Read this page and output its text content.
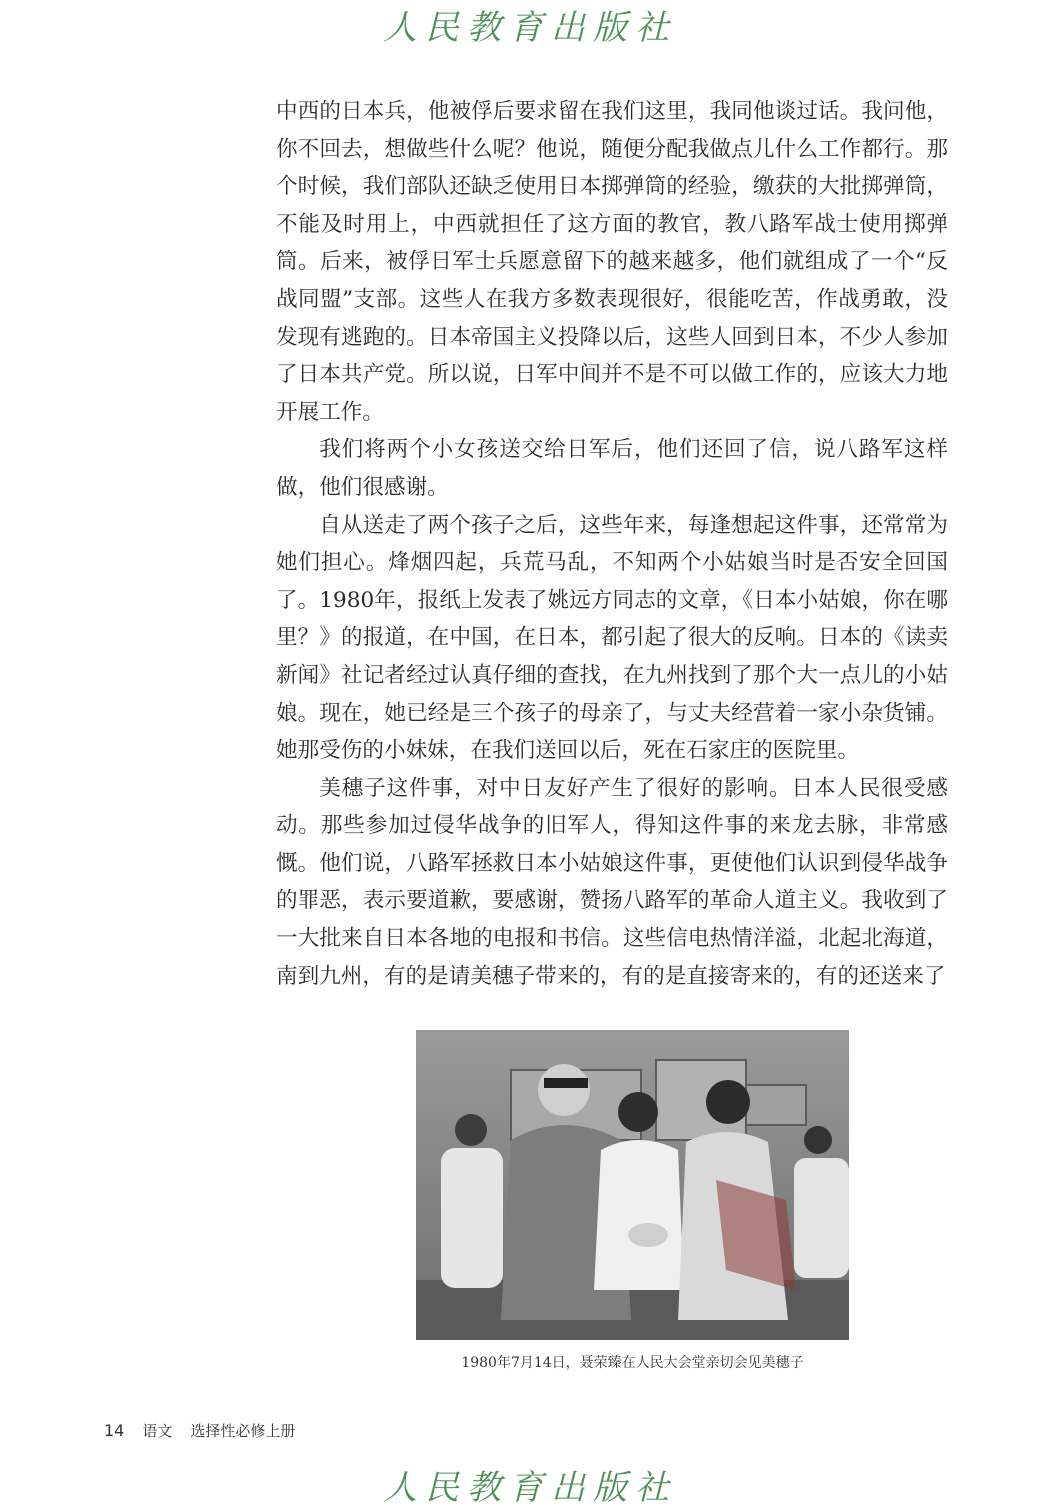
人民教育出版社

中西的日本兵，他被俘后要求留在我们这里，我同他谈过话。我问他，你不回去，想做些什么呢？他说，随便分配我做点儿什么工作都行。那个时候，我们部队还缺乏使用日本掷弹筒的经验，缴获的大批掷弹筒，不能及时用上，中西就担任了这方面的教官，教八路军战士使用掷弹筒。后来，被俘日军士兵愿意留下的越来越多，他们就组成了一个“反战同盟”支部。这些人在我方多数表现很好，很能吃苦，作战勇敢，没发现有逃跑的。日本帝国主义投降以后，这些人回到日本，不少人参加了日本共产党。所以说，日军中间并不是不可以做工作的，应该大力地开展工作。

我们将两个小女孩送交给日军后，他们还回了信，说八路军这样做，他们很感谢。

自从送走了两个孩子之后，这些年来，每逢想起这件事，还常常为她们担心。烽烟四起，兵荒马乱，不知两个小姑娘当时是否安全回国了。1980年，报纸上发表了姚远方同志的文章，《日本小姑娘，你在哪里？》的报道，在中国，在日本，都引起了很大的反响。日本的《读卖新闻》社记者经过认真仔细的查找，在九州找到了那个大一点儿的小姑娘。现在，她已经是三个孩子的母亲了，与丈夫经营着一家小杂货铺。她那受伤的小妹妹，在我们送回以后，死在石家庄的医院里。

美穗子这件事，对中日友好产生了很好的影响。日本人民很受感动。那些参加过侵华战争的旧军人，得知这件事的来龙去脉，非常感慨。他们说，八路军拯救日本小姑娘这件事，更使他们认识到侵华战争的罪恶，表示要道歉，要感谢，赞扬八路军的革命人道主义。我收到了一大批来自日本各地的电报和书信。这些信电热情洋溢，北起北海道，南到九州，有的是请美穗子带来的，有的是直接寄来的，有的还送来了

1980年7月14日，聂荣臻在人民大会堂亲切会见美穗子
14 语文 选择性必修上册
人民教育出版社
